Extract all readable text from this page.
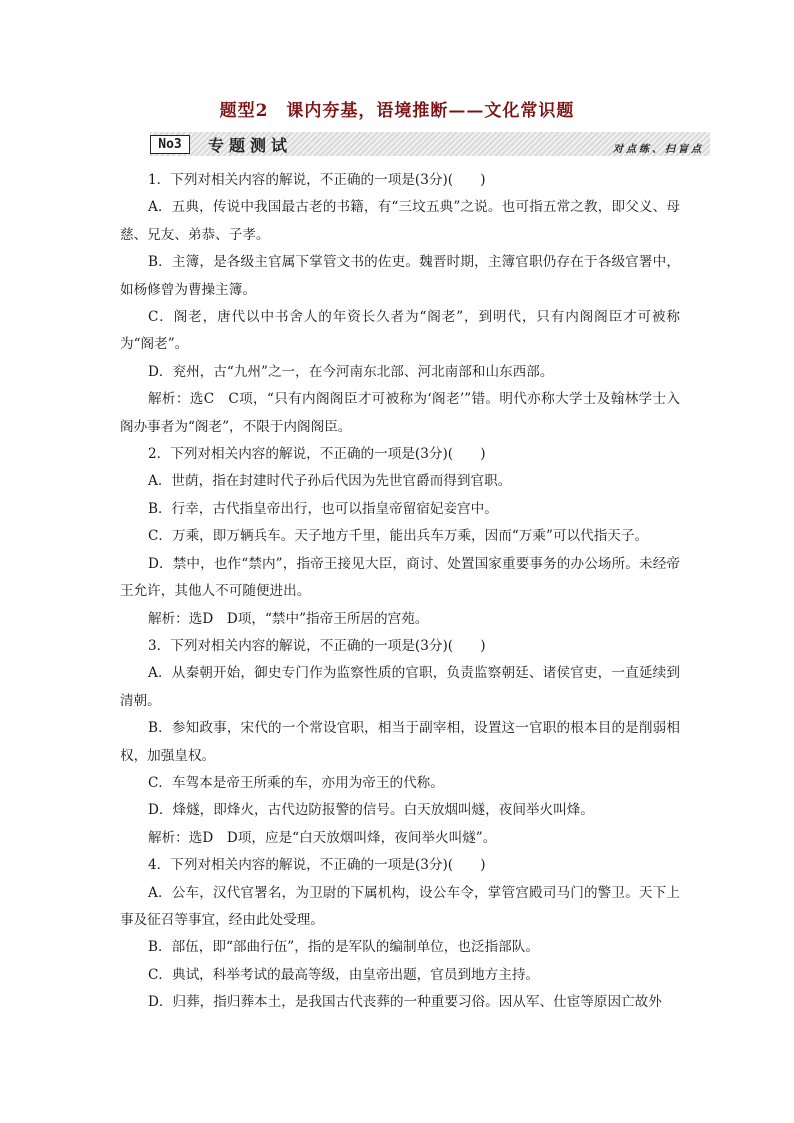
题型2　课内夯基，语境推断——文化常识题
No3	专题测试	对点练、扫盲点

1．下列对相关内容的解说，不正确的一项是(3分)(　　)

A．五典，传说中我国最古老的书籍，有“三坟五典”之说。也可指五常之教，即父义、母慈、兄友、弟恭、子孝。

B．主簿，是各级主官属下掌管文书的佐吏。魏晋时期，主簿官职仍存在于各级官署中，如杨修曾为曹操主簿。

C．阁老，唐代以中书舍人的年资长久者为“阁老”，到明代，只有内阁阁臣才可被称为“阁老”。

D．兖州，古“九州”之一，在今河南东北部、河北南部和山东西部。

解析：选C　C项，“只有内阁阁臣才可被称为‘阁老’”错。明代亦称大学士及翰林学士入阁办事者为“阁老”，不限于内阁阁臣。

2．下列对相关内容的解说，不正确的一项是(3分)(　　)

A．世荫，指在封建时代子孙后代因为先世官爵而得到官职。

B．行幸，古代指皇帝出行，也可以指皇帝留宿妃妾宫中。

C．万乘，即万辆兵车。天子地方千里，能出兵车万乘，因而“万乘”可以代指天子。

D．禁中，也作“禁内”，指帝王接见大臣，商讨、处置国家重要事务的办公场所。未经帝王允许，其他人不可随便进出。

解析：选D　D项，“禁中”指帝王所居的宫苑。

3．下列对相关内容的解说，不正确的一项是(3分)(　　)

A．从秦朝开始，御史专门作为监察性质的官职，负责监察朝廷、诸侯官吏，一直延续到清朝。

B．参知政事，宋代的一个常设官职，相当于副宰相，设置这一官职的根本目的是削弱相权，加强皇权。

C．车驾本是帝王所乘的车，亦用为帝王的代称。

D．烽燧，即烽火，古代边防报警的信号。白天放烟叫燧，夜间举火叫烽。

解析：选D　D项，应是“白天放烟叫烽，夜间举火叫燧”。

4．下列对相关内容的解说，不正确的一项是(3分)(　　)

A．公车，汉代官署名，为卫尉的下属机构，设公车令，掌管宫殿司马门的警卫。天下上事及征召等事宜，经由此处受理。

B．部伍，即“部曲行伍”，指的是军队的编制单位，也泛指部队。

C．典试，科举考试的最高等级，由皇帝出题，官员到地方主持。

D．归葬，指归葬本土，是我国古代丧葬的一种重要习俗。因从军、仕宦等原因亡故外
